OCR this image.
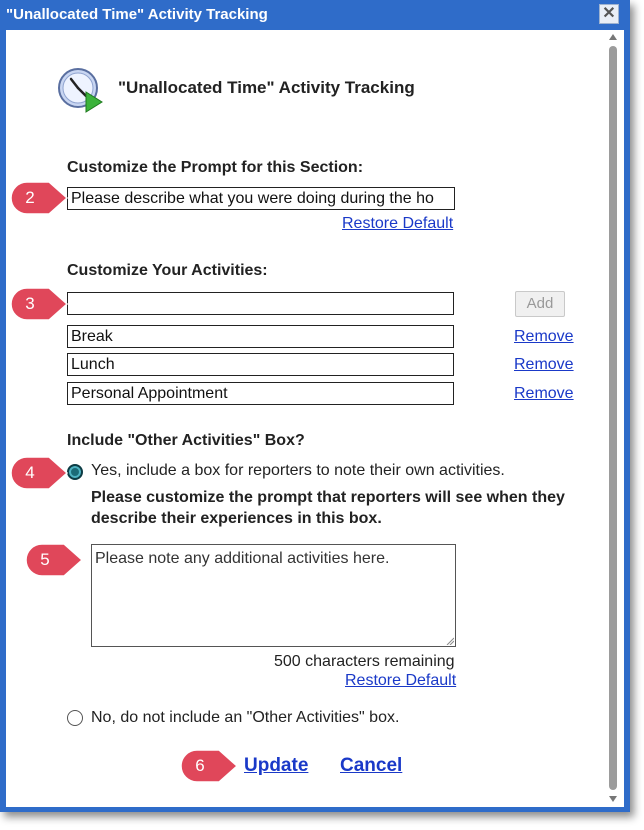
"Unallocated Time" Activity Tracking	✕
"Unallocated Time" Activity Tracking
Customize the Prompt for this Section:
Please describe what you were doing during the ho
Restore Default
Customize Your Activities:
Add
Break	Remove
Lunch	Remove
Personal Appointment	Remove
Include "Other Activities" Box?
Yes, include a box for reporters to note their own activities.
Please customize the prompt that reporters will see when they
describe their experiences in this box.
Please note any additional activities here.
500 characters remaining
Restore Default
No, do not include an "Other Activities" box.
Update Cancel
2
3
4
5
6
